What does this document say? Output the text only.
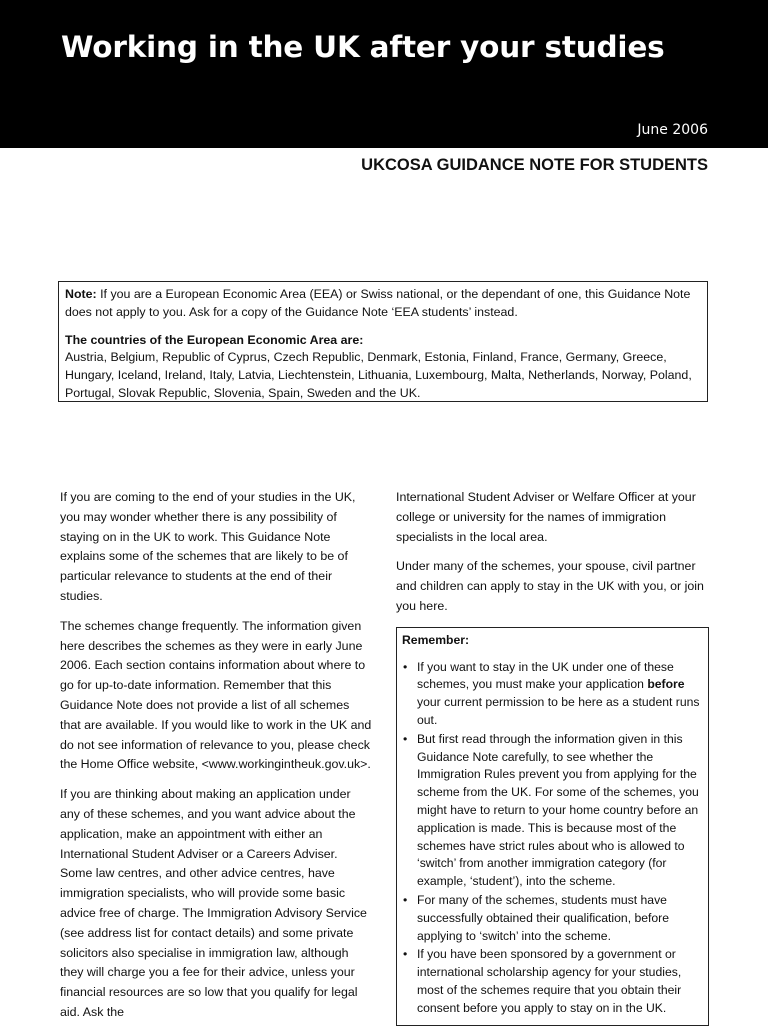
Working in the UK after your studies
June 2006
UKCOSA GUIDANCE NOTE FOR STUDENTS

Note: If you are a European Economic Area (EEA) or Swiss national, or the dependant of one, this Guidance Note does not apply to you. Ask for a copy of the Guidance Note ‘EEA students’ instead.

The countries of the European Economic Area are:

Austria, Belgium, Republic of Cyprus, Czech Republic, Denmark, Estonia, Finland, France, Germany, Greece, Hungary, Iceland, Ireland, Italy, Latvia, Liechtenstein, Lithuania, Luxembourg, Malta, Netherlands, Norway, Poland, Portugal, Slovak Republic, Slovenia, Spain, Sweden and the UK.

If you are coming to the end of your studies in the UK, you may wonder whether there is any possibility of staying on in the UK to work. This Guidance Note explains some of the schemes that are likely to be of particular relevance to students at the end of their studies.

The schemes change frequently. The information given here describes the schemes as they were in early June 2006. Each section contains information about where to go for up-to-date information. Remember that this Guidance Note does not provide a list of all schemes that are available. If you would like to work in the UK and do not see information of relevance to you, please check the Home Office website, <www.workingintheuk.gov.uk>.

If you are thinking about making an application under any of these schemes, and you want advice about the application, make an appointment with either an International Student Adviser or a Careers Adviser. Some law centres, and other advice centres, have immigration specialists, who will provide some basic advice free of charge. The Immigration Advisory Service (see address list for contact details) and some private solicitors also specialise in immigration law, although they will charge you a fee for their advice, unless your financial resources are so low that you qualify for legal aid. Ask the

International Student Adviser or Welfare Officer at your college or university for the names of immigration specialists in the local area.

Under many of the schemes, your spouse, civil partner and children can apply to stay in the UK with you, or join you here.

Remember:
• If you want to stay in the UK under one of these schemes, you must make your application before your current permission to be here as a student runs out.
• But first read through the information given in this Guidance Note carefully, to see whether the Immigration Rules prevent you from applying for the scheme from the UK. For some of the schemes, you might have to return to your home country before an application is made. This is because most of the schemes have strict rules about who is allowed to ‘switch’ from another immigration category (for example, ‘student’), into the scheme.
• For many of the schemes, students must have successfully obtained their qualification, before applying to ‘switch’ into the scheme.
• If you have been sponsored by a government or international scholarship agency for your studies, most of the schemes require that you obtain their consent before you apply to stay on in the UK.
